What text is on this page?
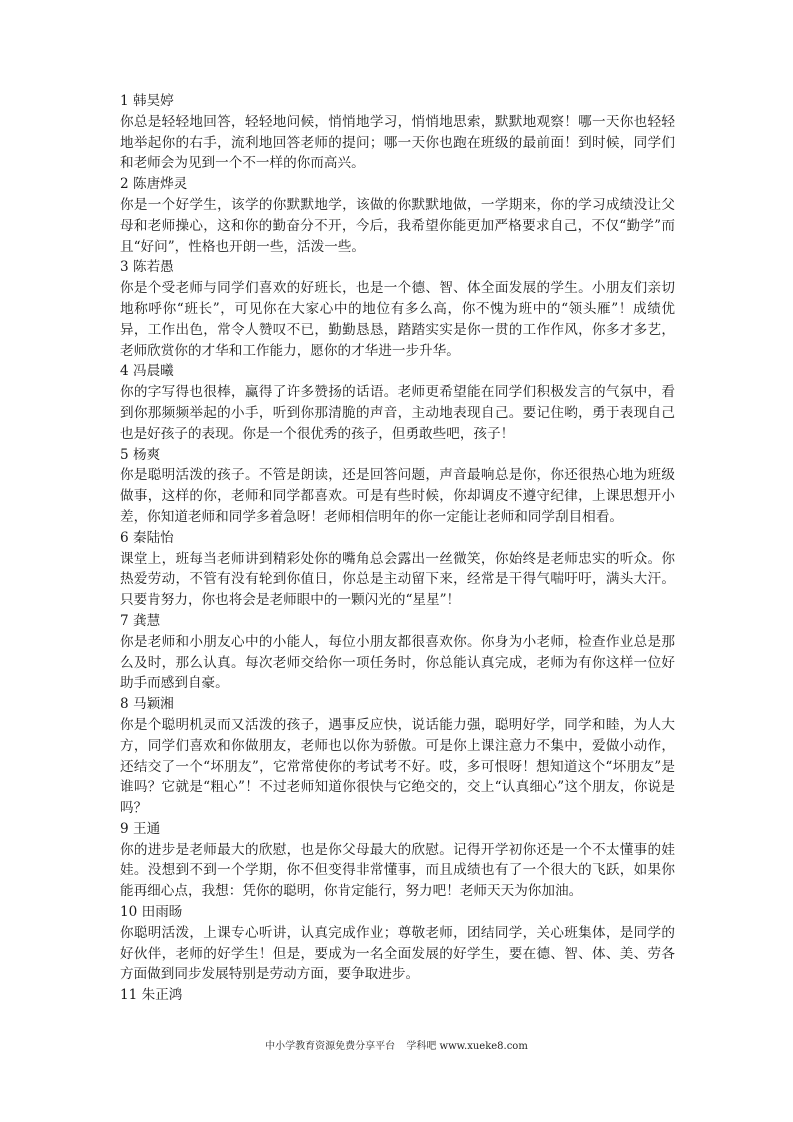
1 韩昊婷
你总是轻轻地回答，轻轻地问候，悄悄地学习，悄悄地思索，默默地观察！哪一天你也轻轻地举起你的右手，流利地回答老师的提问；哪一天你也跑在班级的最前面！到时候，同学们和老师会为见到一个不一样的你而高兴。
2 陈唐烨灵
你是一个好学生，该学的你默默地学，该做的你默默地做，一学期来，你的学习成绩没让父母和老师操心，这和你的勤奋分不开，今后，我希望你能更加严格要求自己，不仅“勤学”而且“好问”，性格也开朗一些，活泼一些。
3 陈若愚
你是个受老师与同学们喜欢的好班长，也是一个德、智、体全面发展的学生。小朋友们亲切地称呼你“班长”，可见你在大家心中的地位有多么高，你不愧为班中的“领头雁”！成绩优异，工作出色，常令人赞叹不已，勤勤恳恳，踏踏实实是你一贯的工作作风，你多才多艺，老师欣赏你的才华和工作能力，愿你的才华进一步升华。
4 冯晨曦
你的字写得也很棒，赢得了许多赞扬的话语。老师更希望能在同学们积极发言的气氛中，看到你那频频举起的小手，听到你那清脆的声音，主动地表现自己。要记住哟，勇于表现自己也是好孩子的表现。你是一个很优秀的孩子，但勇敢些吧，孩子！
5 杨爽
你是聪明活泼的孩子。不管是朗读，还是回答问题，声音最响总是你，你还很热心地为班级做事，这样的你，老师和同学都喜欢。可是有些时候，你却调皮不遵守纪律，上课思想开小差，你知道老师和同学多着急呀！老师相信明年的你一定能让老师和同学刮目相看。
6 秦陆怡
课堂上，班每当老师讲到精彩处你的嘴角总会露出一丝微笑，你始终是老师忠实的听众。你热爱劳动，不管有没有轮到你值日，你总是主动留下来，经常是干得气喘吁吁，满头大汗。只要肯努力，你也将会是老师眼中的一颗闪光的“星星”！
7 龚慧
你是老师和小朋友心中的小能人，每位小朋友都很喜欢你。你身为小老师，检查作业总是那么及时，那么认真。每次老师交给你一项任务时，你总能认真完成，老师为有你这样一位好助手而感到自豪。
8 马颖湘
你是个聪明机灵而又活泼的孩子，遇事反应快，说话能力强，聪明好学，同学和睦，为人大方，同学们喜欢和你做朋友，老师也以你为骄傲。可是你上课注意力不集中，爱做小动作，还结交了一个“坏朋友”，它常常使你的考试考不好。哎，多可恨呀！想知道这个“坏朋友”是谁吗？它就是“粗心”！不过老师知道你很快与它绝交的，交上“认真细心”这个朋友，你说是吗？
9 王通
你的进步是老师最大的欣慰，也是你父母最大的欣慰。记得开学初你还是一个不太懂事的娃娃。没想到不到一个学期，你不但变得非常懂事，而且成绩也有了一个很大的飞跃，如果你能再细心点，我想：凭你的聪明，你肯定能行，努力吧！老师天天为你加油。
10 田雨旸
你聪明活泼，上课专心听讲，认真完成作业；尊敬老师，团结同学，关心班集体，是同学的好伙伴，老师的好学生！但是，要成为一名全面发展的好学生，要在德、智、体、美、劳各方面做到同步发展特别是劳动方面，要争取进步。
11 朱正鸿
中小学教育资源免费分享平台 学科吧 www.xueke8.com
